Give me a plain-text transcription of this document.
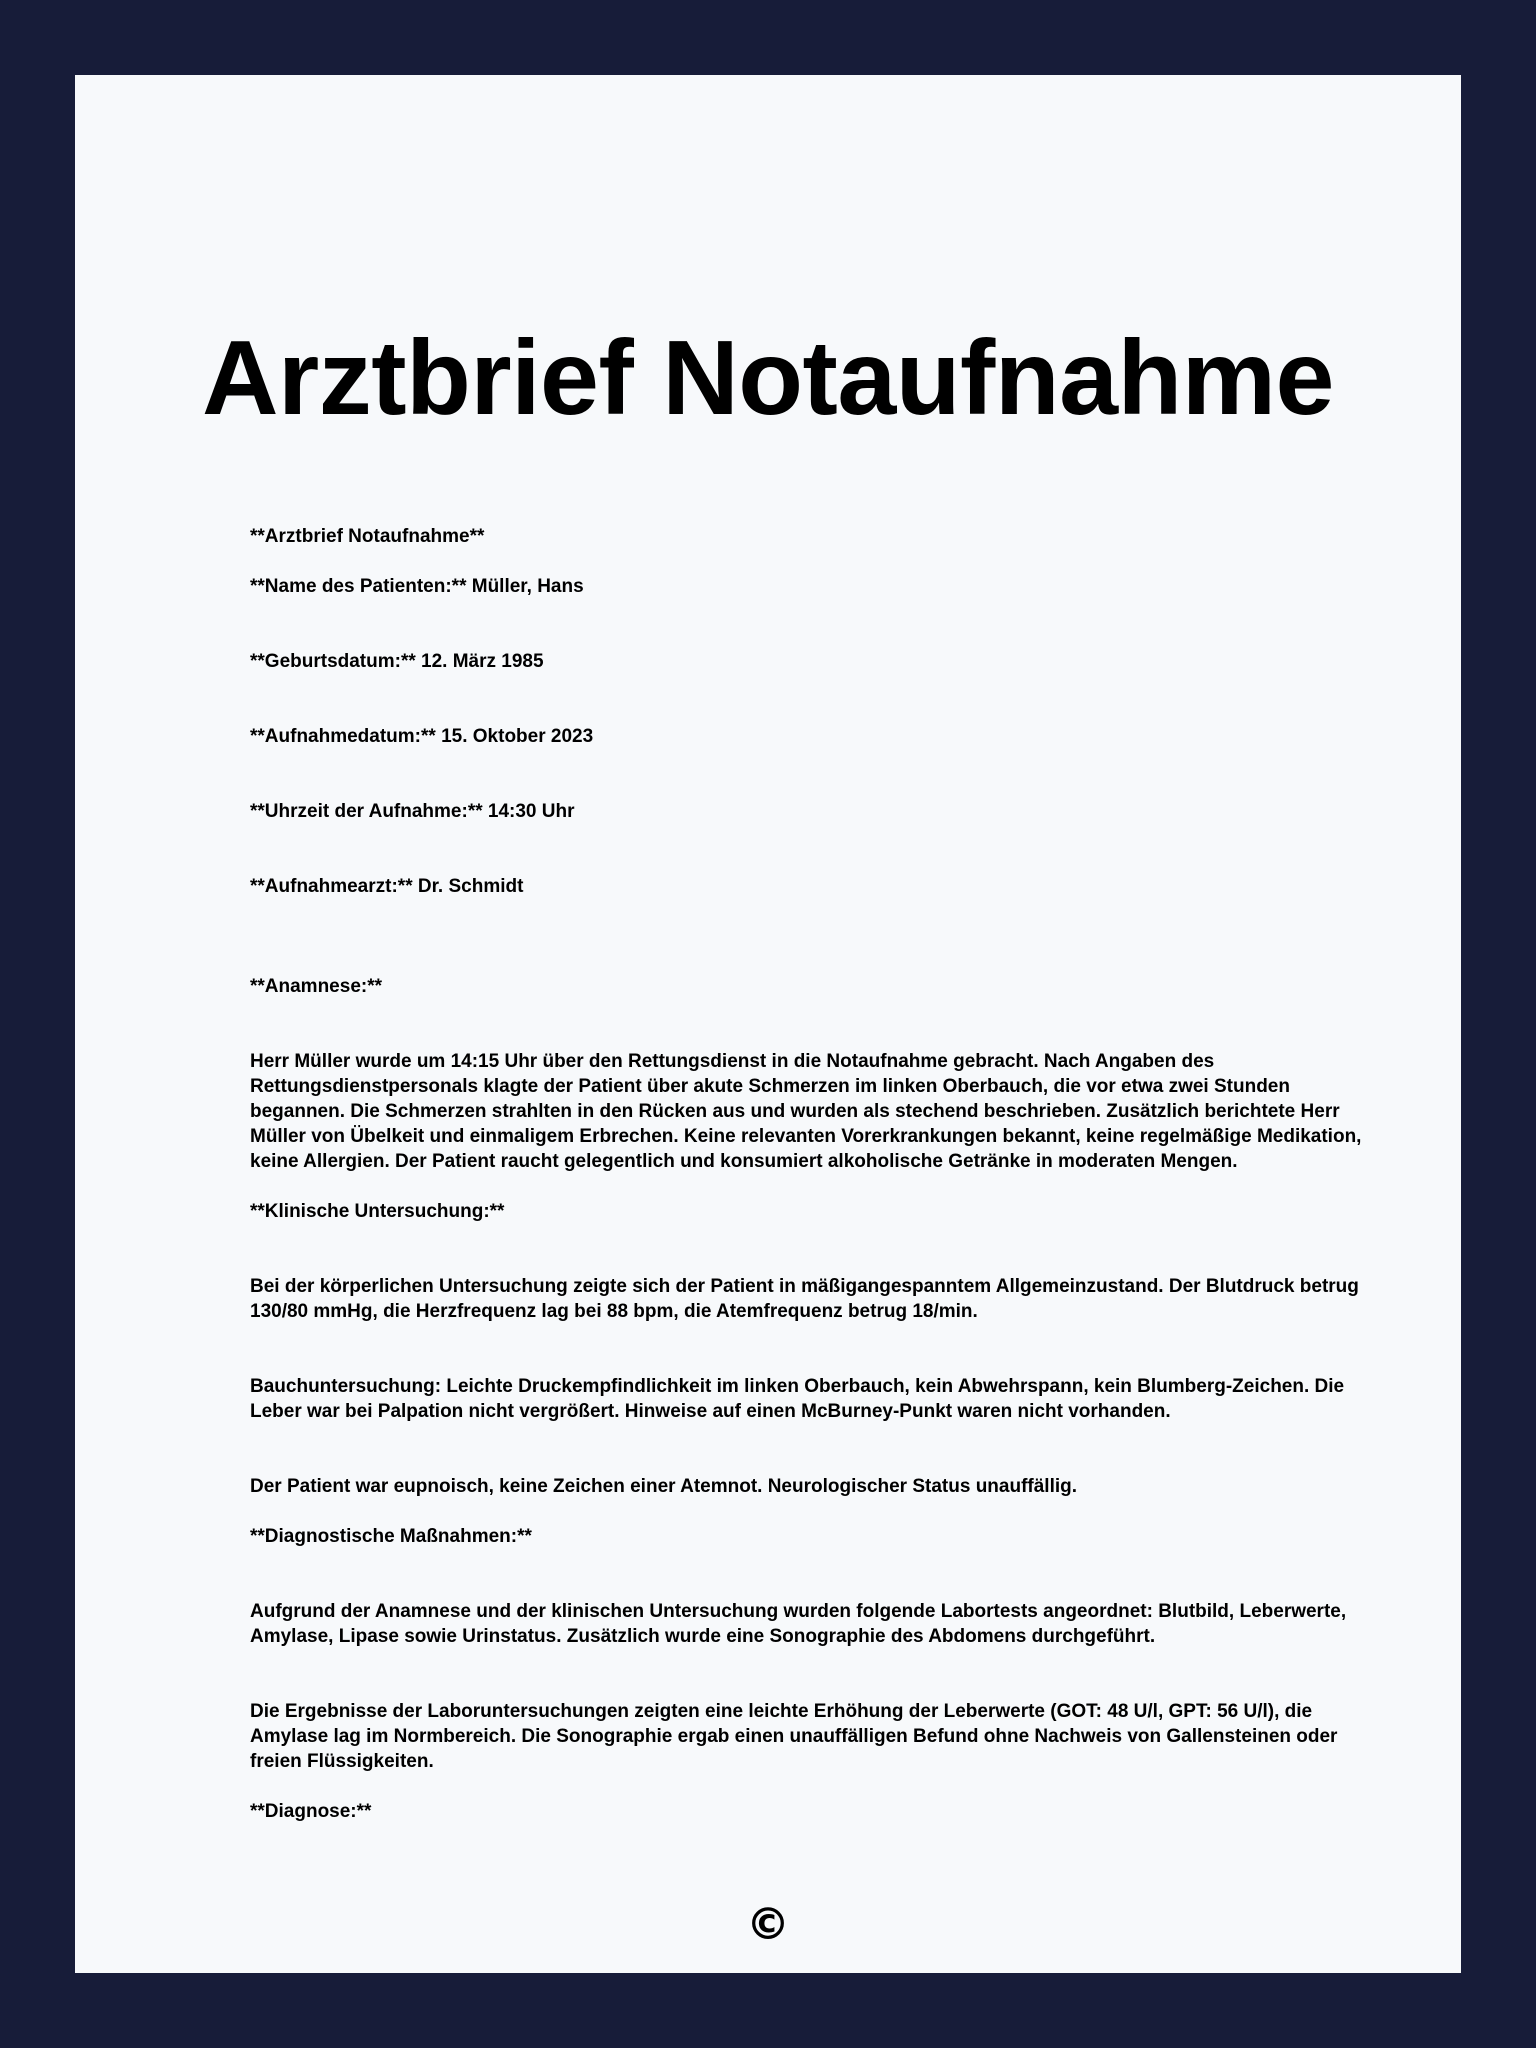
Arztbrief Notaufnahme

**Arztbrief Notaufnahme**

**Name des Patienten:** Müller, Hans

**Geburtsdatum:** 12. März 1985

**Aufnahmedatum:** 15. Oktober 2023

**Uhrzeit der Aufnahme:** 14:30 Uhr

**Aufnahmearzt:** Dr. Schmidt

**Anamnese:**

Herr Müller wurde um 14:15 Uhr über den Rettungsdienst in die Notaufnahme gebracht. Nach Angaben des Rettungsdienstpersonals klagte der Patient über akute Schmerzen im linken Oberbauch, die vor etwa zwei Stunden begannen. Die Schmerzen strahlten in den Rücken aus und wurden als stechend beschrieben. Zusätzlich berichtete Herr Müller von Übelkeit und einmaligem Erbrechen. Keine relevanten Vorerkrankungen bekannt, keine regelmäßige Medikation, keine Allergien. Der Patient raucht gelegentlich und konsumiert alkoholische Getränke in moderaten Mengen.

**Klinische Untersuchung:**

Bei der körperlichen Untersuchung zeigte sich der Patient in mäßigangespanntem Allgemeinzustand. Der Blutdruck betrug 130/80 mmHg, die Herzfrequenz lag bei 88 bpm, die Atemfrequenz betrug 18/min.

Bauchuntersuchung: Leichte Druckempfindlichkeit im linken Oberbauch, kein Abwehrspann, kein Blumberg-Zeichen. Die Leber war bei Palpation nicht vergrößert. Hinweise auf einen McBurney-Punkt waren nicht vorhanden.

Der Patient war eupnoisch, keine Zeichen einer Atemnot. Neurologischer Status unauffällig.

**Diagnostische Maßnahmen:**

Aufgrund der Anamnese und der klinischen Untersuchung wurden folgende Labortests angeordnet: Blutbild, Leberwerte, Amylase, Lipase sowie Urinstatus. Zusätzlich wurde eine Sonographie des Abdomens durchgeführt.

Die Ergebnisse der Laboruntersuchungen zeigten eine leichte Erhöhung der Leberwerte (GOT: 48 U/l, GPT: 56 U/l), die Amylase lag im Normbereich. Die Sonographie ergab einen unauffälligen Befund ohne Nachweis von Gallensteinen oder freien Flüssigkeiten.

**Diagnose:**

©
